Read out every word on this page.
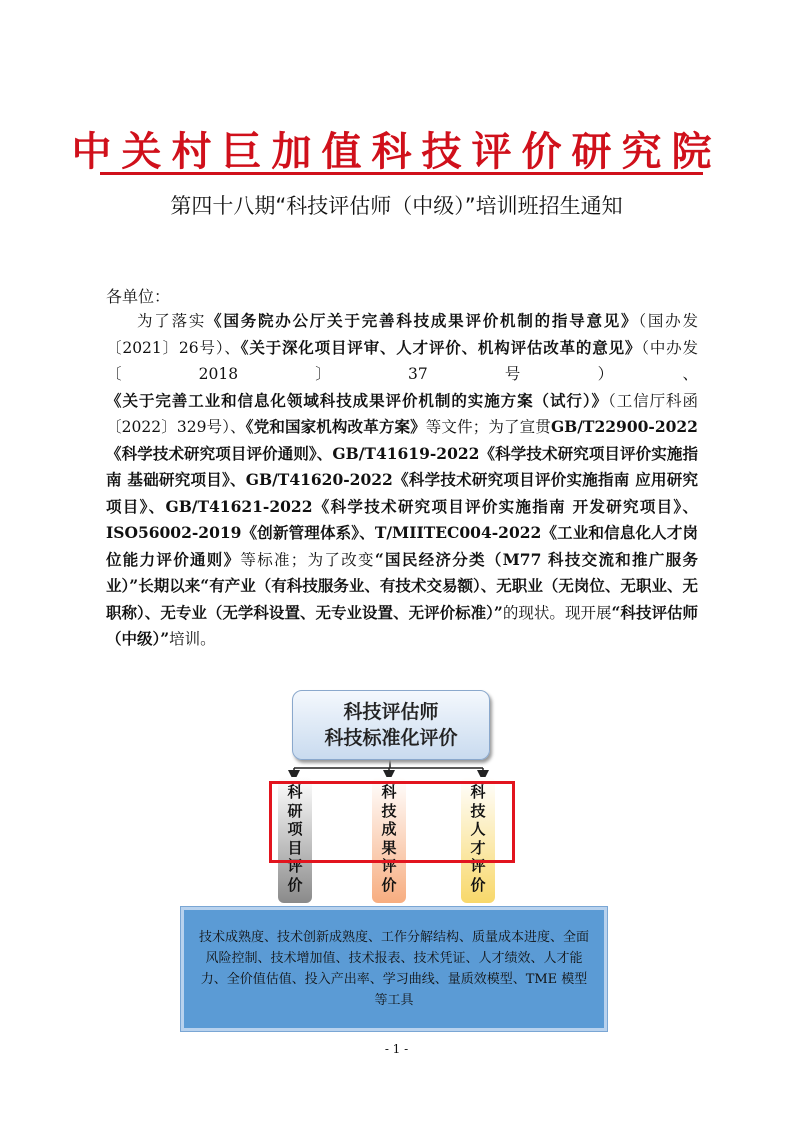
中关村巨加值科技评价研究院
第四十八期“科技评估师（中级）”培训班招生通知
各单位：

为了落实《国务院办公厅关于完善科技成果评价机制的指导意见》（国办发〔2021〕26号）、《关于深化项目评审、人才评价、机构评估改革的意见》（中办发〔2018〕37号）、《关于完善工业和信息化领域科技成果评价机制的实施方案（试行）》（工信厅科函〔2022〕329号）、《党和国家机构改革方案》等文件；为了宣贯GB/T22900-2022《科学技术研究项目评价通则》、GB/T41619-2022《科学技术研究项目评价实施指南 基础研究项目》、GB/T41620-2022《科学技术研究项目评价实施指南 应用研究项目》、GB/T41621-2022《科学技术研究项目评价实施指南 开发研究项目》、ISO56002-2019《创新管理体系》、T/MIITEC004-2022《工业和信息化人才岗位能力评价通则》等标准；为了改变“国民经济分类（M77 科技交流和推广服务业）”长期以来“有产业（有科技服务业、有技术交易额）、无职业（无岗位、无职业、无职称）、无专业（无学科设置、无专业设置、无评价标准）”的现状。现开展“科技评估师（中级）”培训。

科技评估师
科技标准化评价
科
研
项
目
评
价
科
技
成
果
评
价
科
技
人
才
评
价
技术成熟度、技术创新成熟度、工作分解结构、质量成本进度、全面风险控制、技术增加值、技术报表、技术凭证、人才绩效、人才能力、全价值估值、投入产出率、学习曲线、量质效模型、TME 模型等工具
- 1 -
